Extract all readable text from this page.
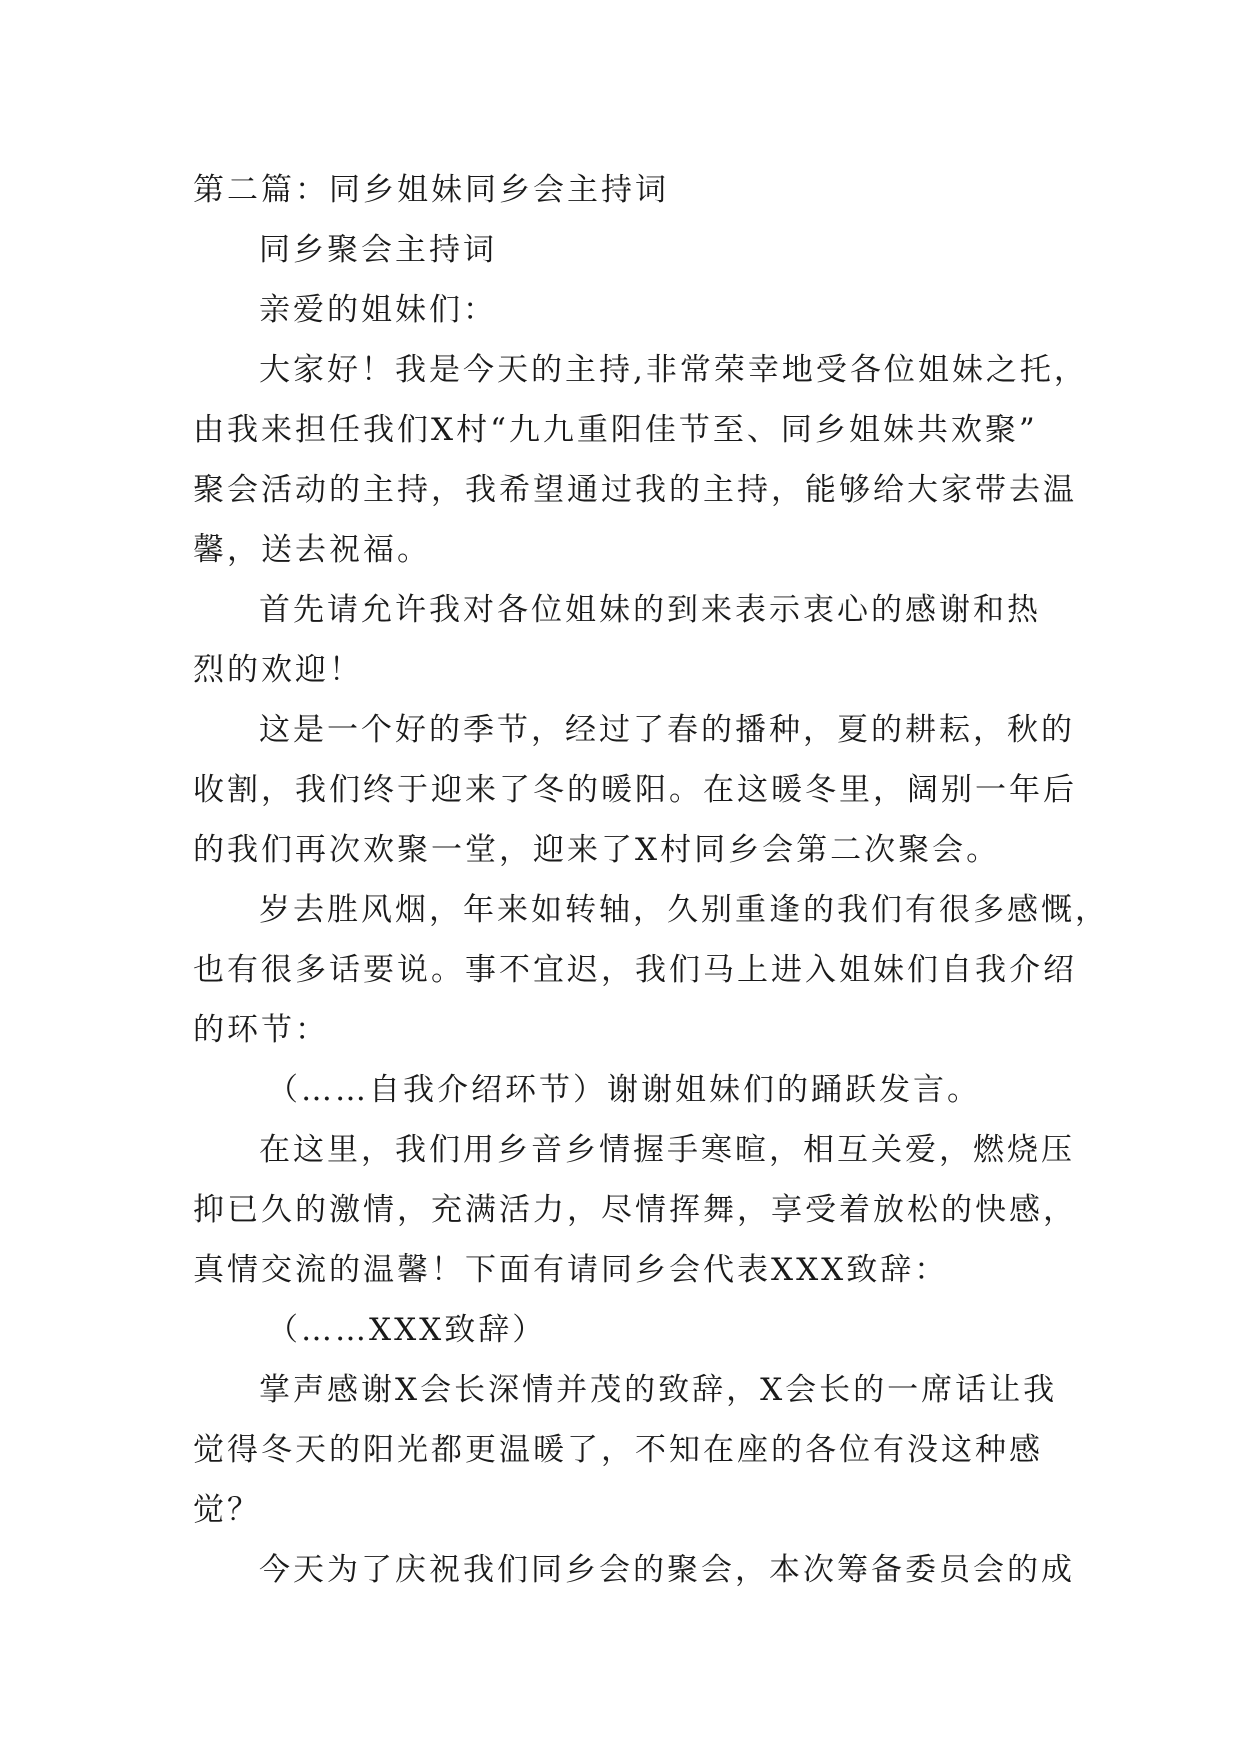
第二篇：同乡姐妹同乡会主持词

同乡聚会主持词

亲爱的姐妹们：

大家好！我是今天的主持,非常荣幸地受各位姐妹之托，

由我来担任我们X村“九九重阳佳节至、同乡姐妹共欢聚”

聚会活动的主持，我希望通过我的主持，能够给大家带去温

馨，送去祝福。

首先请允许我对各位姐妹的到来表示衷心的感谢和热

烈的欢迎！

这是一个好的季节，经过了春的播种，夏的耕耘，秋的

收割，我们终于迎来了冬的暖阳。在这暖冬里，阔别一年后

的我们再次欢聚一堂，迎来了X村同乡会第二次聚会。

岁去胜风烟，年来如转轴，久别重逢的我们有很多感慨，

也有很多话要说。事不宜迟，我们马上进入姐妹们自我介绍

的环节：

（……自我介绍环节）谢谢姐妹们的踊跃发言。

在这里，我们用乡音乡情握手寒暄，相互关爱，燃烧压

抑已久的激情，充满活力，尽情挥舞，享受着放松的快感，

真情交流的温馨！下面有请同乡会代表XXX致辞：

（……XXX致辞）

掌声感谢X会长深情并茂的致辞，X会长的一席话让我

觉得冬天的阳光都更温暖了，不知在座的各位有没这种感

觉？

今天为了庆祝我们同乡会的聚会，本次筹备委员会的成
